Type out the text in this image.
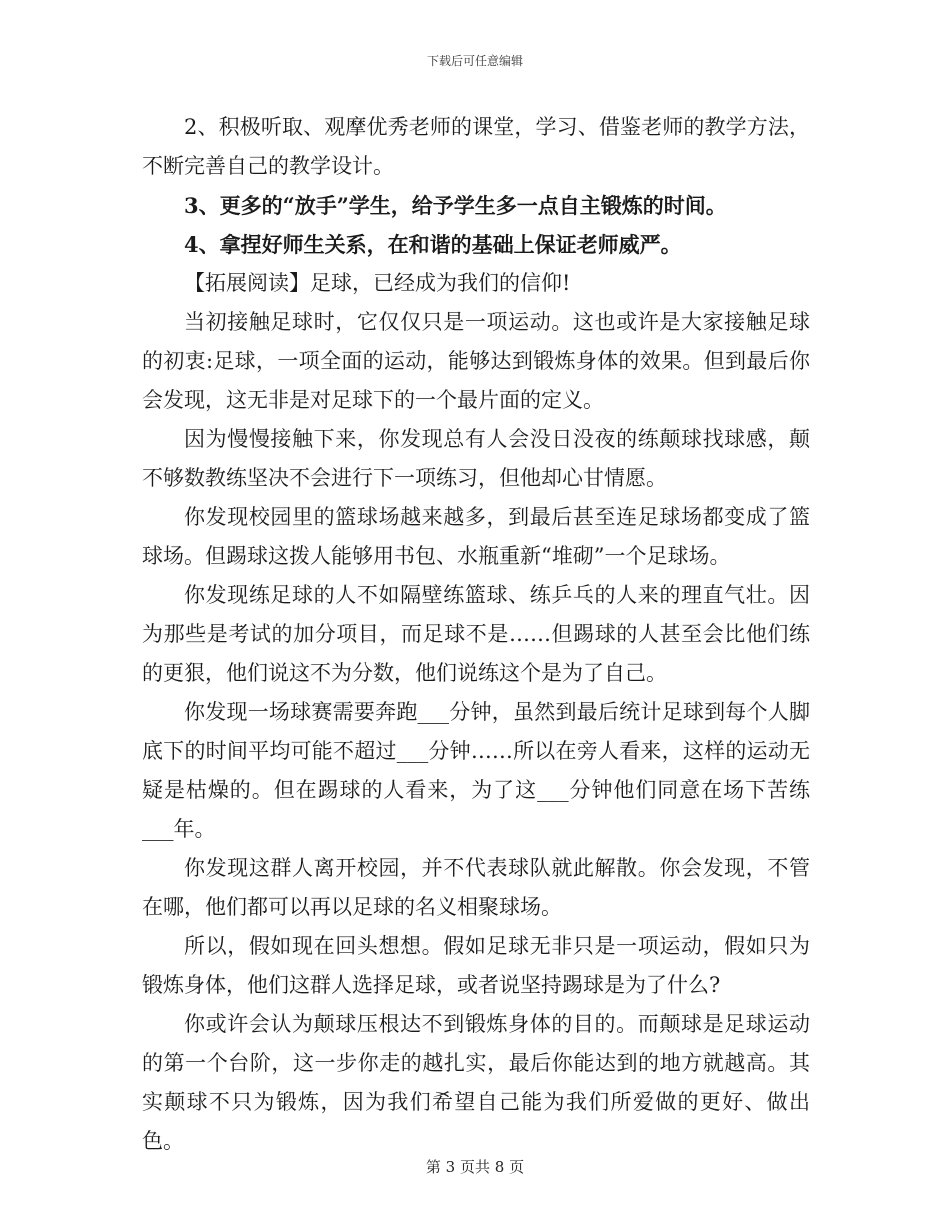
下载后可任意编辑

2、积极听取、观摩优秀老师的课堂，学习、借鉴老师的教学方法，不断完善自己的教学设计。

3、更多的“放手”学生，给予学生多一点自主锻炼的时间。

4、拿捏好师生关系，在和谐的基础上保证老师威严。

【拓展阅读】足球，已经成为我们的信仰!

当初接触足球时，它仅仅只是一项运动。这也或许是大家接触足球的初衷:足球，一项全面的运动，能够达到锻炼身体的效果。但到最后你会发现，这无非是对足球下的一个最片面的定义。

因为慢慢接触下来，你发现总有人会没日没夜的练颠球找球感，颠不够数教练坚决不会进行下一项练习，但他却心甘情愿。

你发现校园里的篮球场越来越多，到最后甚至连足球场都变成了篮球场。但踢球这拨人能够用书包、水瓶重新“堆砌”一个足球场。

你发现练足球的人不如隔壁练篮球、练乒乓的人来的理直气壮。因为那些是考试的加分项目，而足球不是……但踢球的人甚至会比他们练的更狠，他们说这不为分数，他们说练这个是为了自己。

你发现一场球赛需要奔跑___分钟，虽然到最后统计足球到每个人脚底下的时间平均可能不超过___分钟……所以在旁人看来，这样的运动无疑是枯燥的。但在踢球的人看来，为了这___分钟他们同意在场下苦练___年。

你发现这群人离开校园，并不代表球队就此解散。你会发现，不管在哪，他们都可以再以足球的名义相聚球场。

所以，假如现在回头想想。假如足球无非只是一项运动，假如只为锻炼身体，他们这群人选择足球，或者说坚持踢球是为了什么?

你或许会认为颠球压根达不到锻炼身体的目的。而颠球是足球运动的第一个台阶，这一步你走的越扎实，最后你能达到的地方就越高。其实颠球不只为锻炼，因为我们希望自己能为我们所爱做的更好、做出色。

第 3 页共 8 页
